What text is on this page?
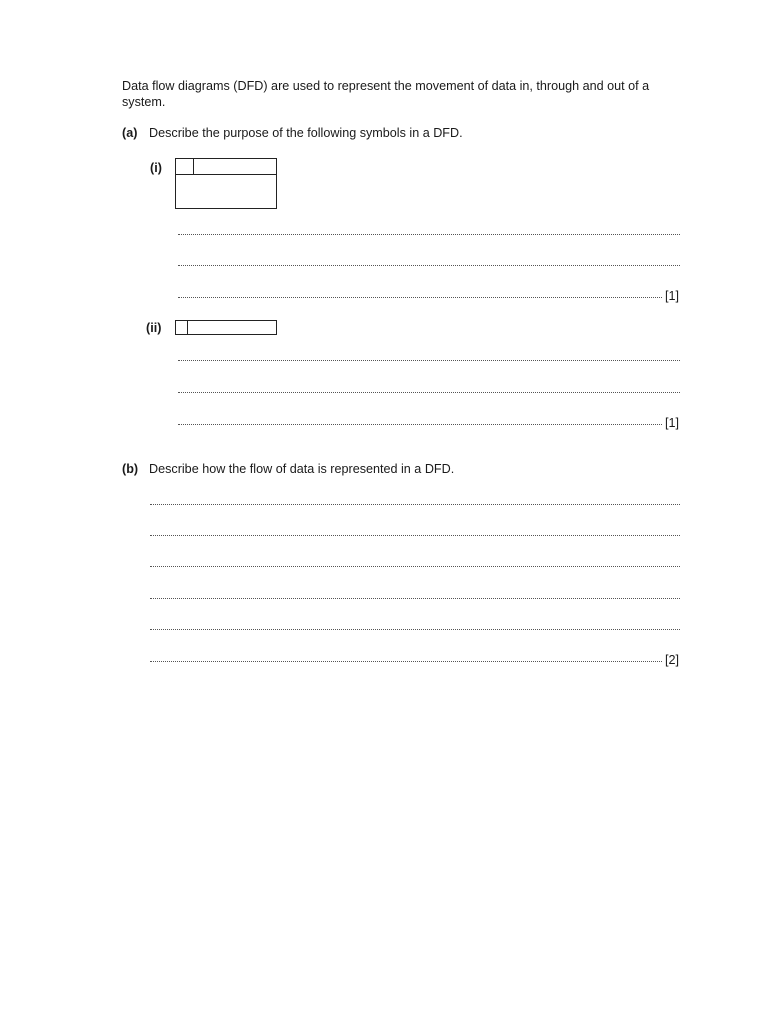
Data flow diagrams (DFD) are used to represent the movement of data in, through and out of a
system.
(a) Describe the purpose of the following symbols in a DFD.
(i)
[1]
(ii)
[1]
(b) Describe how the flow of data is represented in a DFD.
[2]
